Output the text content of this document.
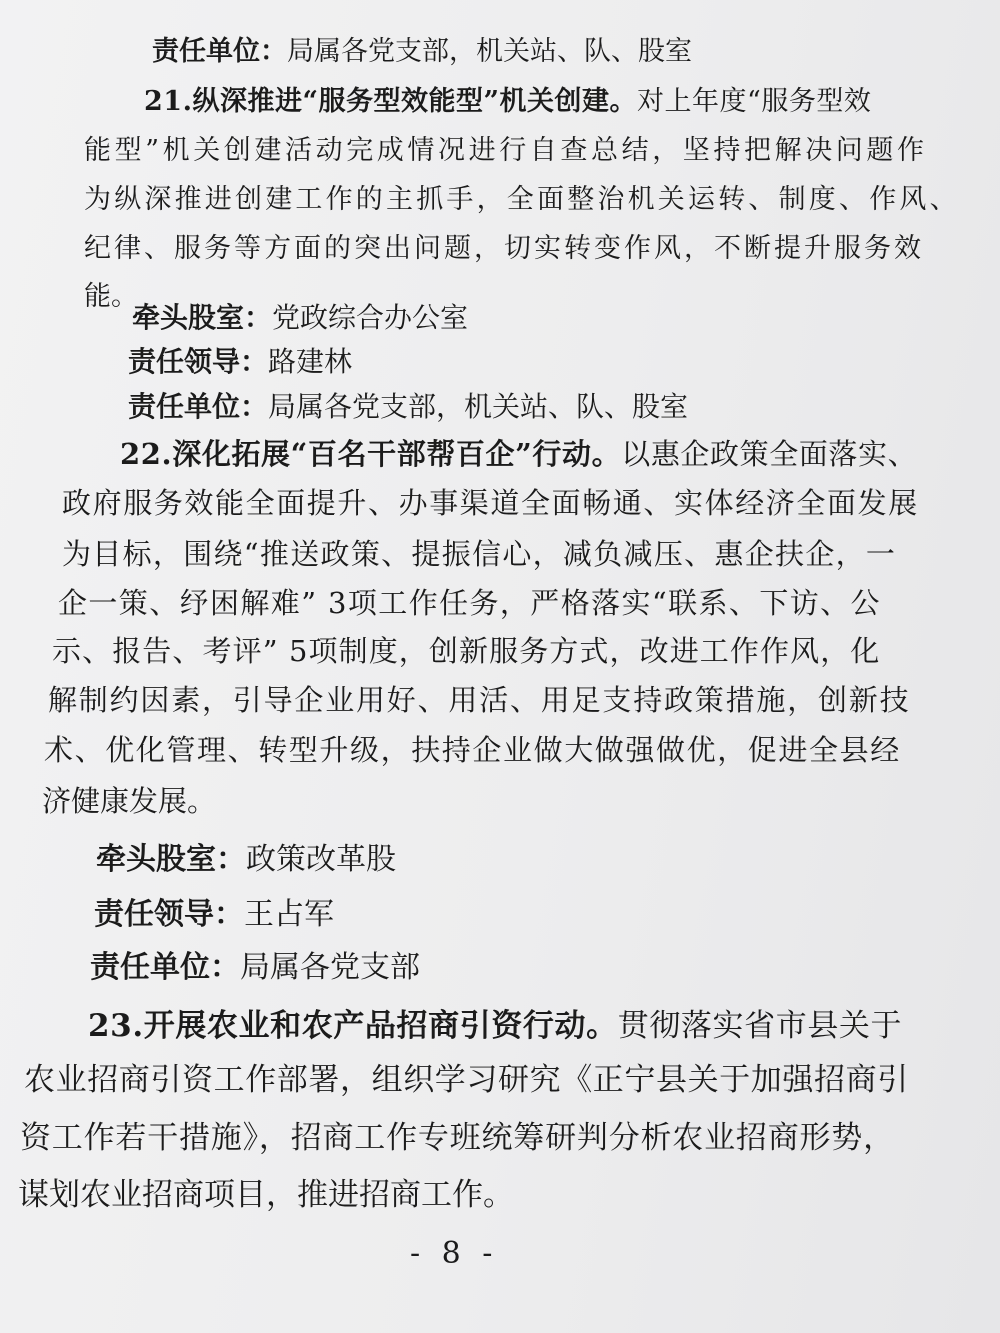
责任单位：局属各党支部，机关站、队、股室
21.纵深推进“服务型效能型”机关创建。对上年度“服务型效
能型”机关创建活动完成情况进行自查总结，坚持把解决问题作
为纵深推进创建工作的主抓手，全面整治机关运转、制度、作风、
纪律、服务等方面的突出问题，切实转变作风，不断提升服务效
能。
牵头股室：党政综合办公室
责任领导：路建林
责任单位：局属各党支部，机关站、队、股室
22.深化拓展“百名干部帮百企”行动。以惠企政策全面落实、
政府服务效能全面提升、办事渠道全面畅通、实体经济全面发展
为目标，围绕“推送政策、提振信心，减负减压、惠企扶企，一
企一策、纾困解难” 3项工作任务，严格落实“联系、下访、公
示、报告、考评” 5项制度，创新服务方式，改进工作作风，化
解制约因素，引导企业用好、用活、用足支持政策措施，创新技
术、优化管理、转型升级，扶持企业做大做强做优，促进全县经
济健康发展。
牵头股室：政策改革股
责任领导：王占军
责任单位：局属各党支部
23.开展农业和农产品招商引资行动。贯彻落实省市县关于
农业招商引资工作部署，组织学习研究《正宁县关于加强招商引
资工作若干措施》，招商工作专班统筹研判分析农业招商形势，
谋划农业招商项目，推进招商工作。
- 8 -
